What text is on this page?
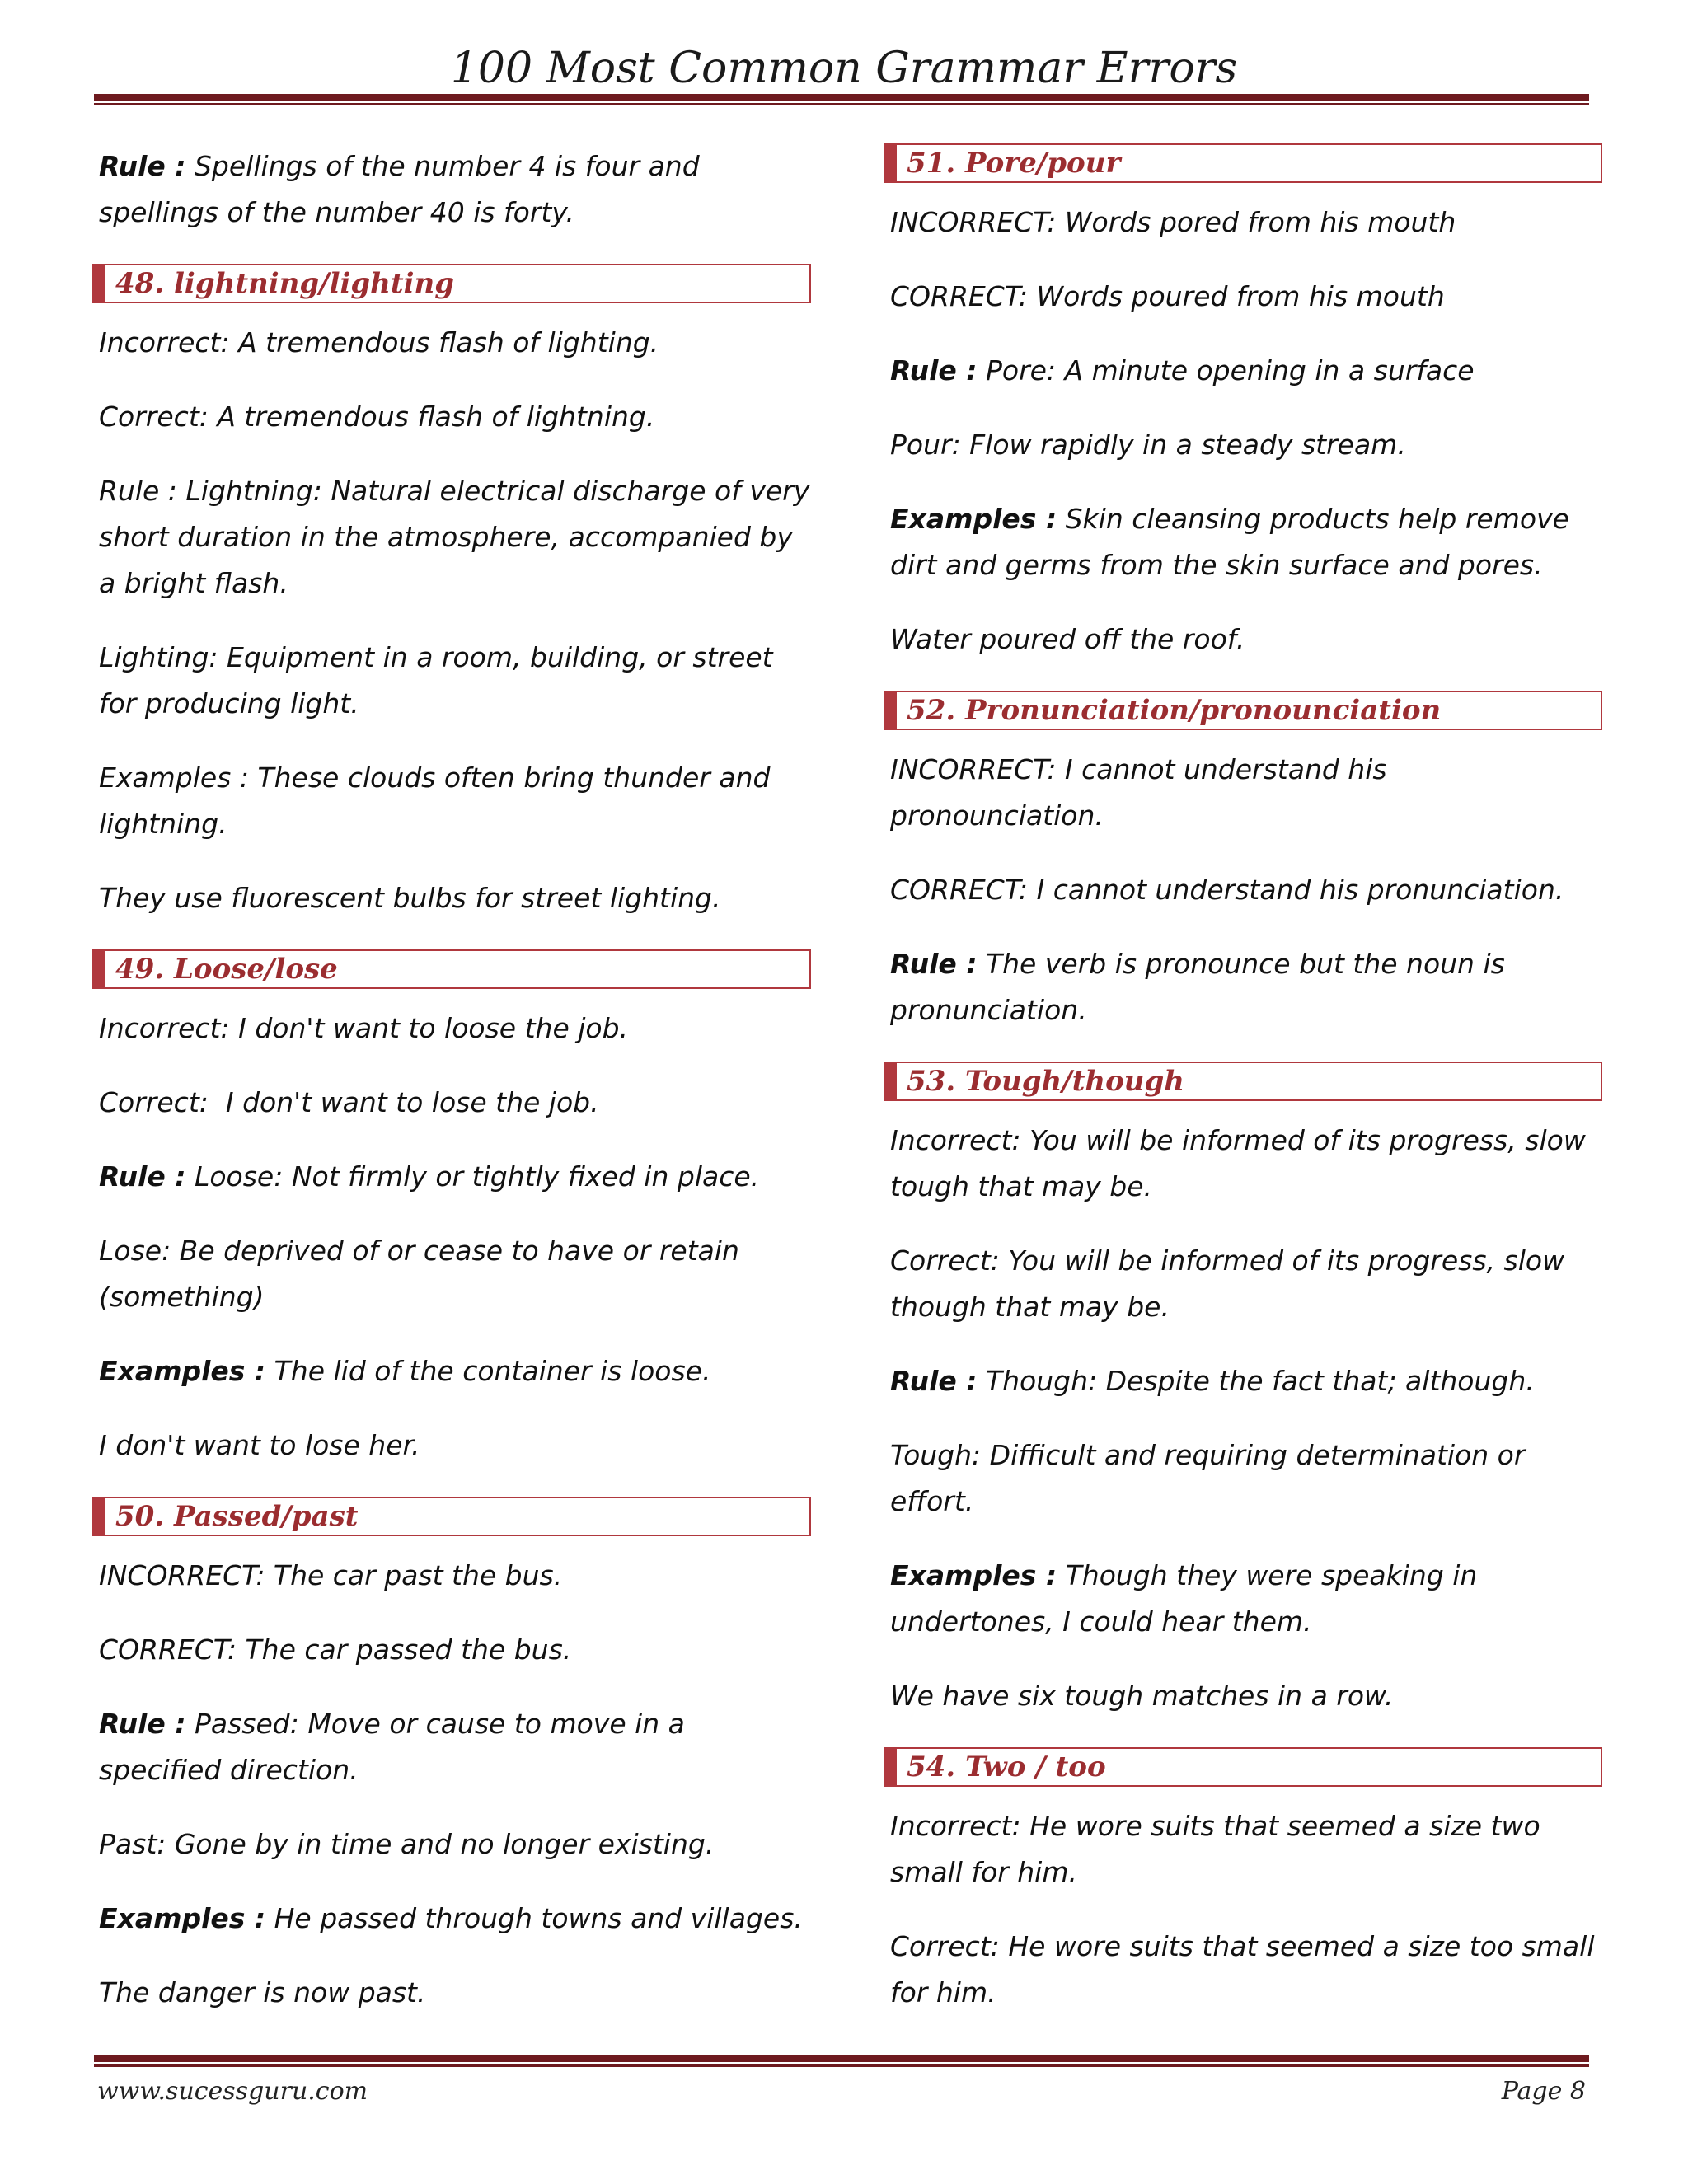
100 Most Common Grammar Errors

Rule : Spellings of the number 4 is four and spellings of the number 40 is forty.

48. lightning/lighting

Incorrect: A tremendous flash of lighting.

Correct: A tremendous flash of lightning.

Rule : Lightning: Natural electrical discharge of very short duration in the atmosphere, accompanied by a bright flash.

Lighting: Equipment in a room, building, or street for producing light.

Examples : These clouds often bring thunder and lightning.

They use fluorescent bulbs for street lighting.

49. Loose/lose

Incorrect: I don't want to loose the job.

Correct:  I don't want to lose the job.

Rule : Loose: Not firmly or tightly fixed in place.

Lose: Be deprived of or cease to have or retain (something)

Examples : The lid of the container is loose.

I don't want to lose her.

50. Passed/past

INCORRECT: The car past the bus.

CORRECT: The car passed the bus.

Rule : Passed: Move or cause to move in a specified direction.

Past: Gone by in time and no longer existing.

Examples : He passed through towns and villages.

The danger is now past.

51. Pore/pour

INCORRECT: Words pored from his mouth

CORRECT: Words poured from his mouth

Rule : Pore: A minute opening in a surface

Pour: Flow rapidly in a steady stream.

Examples : Skin cleansing products help remove dirt and germs from the skin surface and pores.

Water poured off the roof.

52. Pronunciation/pronounciation

INCORRECT: I cannot understand his pronounciation.

CORRECT: I cannot understand his pronunciation.

Rule : The verb is pronounce but the noun is pronunciation.

53. Tough/though

Incorrect: You will be informed of its progress, slow tough that may be.

Correct: You will be informed of its progress, slow though that may be.

Rule : Though: Despite the fact that; although.

Tough: Difficult and requiring determination or effort.

Examples : Though they were speaking in undertones, I could hear them.

We have six tough matches in a row.

54. Two / too

Incorrect: He wore suits that seemed a size two small for him.

Correct: He wore suits that seemed a size too small for him.

www.sucessguru.com	Page 8
